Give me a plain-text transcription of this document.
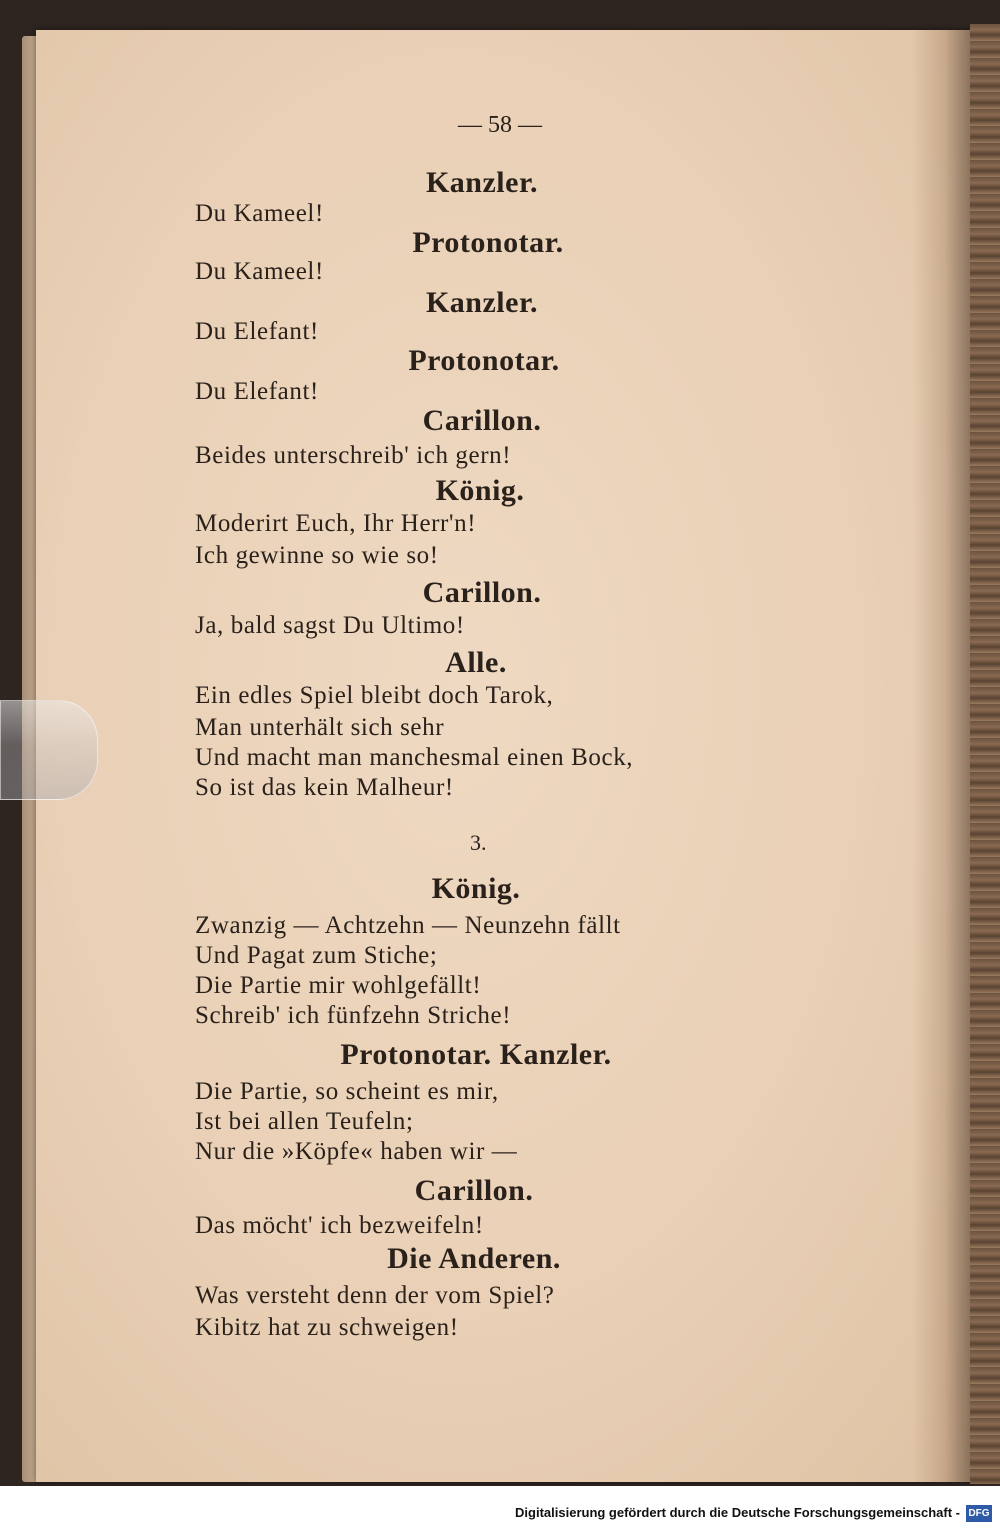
— 58 —
Kanzler.
Du Kameel!
Protonotar.
Du Kameel!
Kanzler.
Du Elefant!
Protonotar.
Du Elefant!
Carillon.
Beides unterschreib' ich gern!
König.
Moderirt Euch, Ihr Herr'n!
Ich gewinne so wie so!
Carillon.
Ja, bald sagst Du Ultimo!
Alle.
Ein edles Spiel bleibt doch Tarok,
Man unterhält sich sehr
Und macht man manchesmal einen Bock,
So ist das kein Malheur!
3.
König.
Zwanzig — Achtzehn — Neunzehn fällt
Und Pagat zum Stiche;
Die Partie mir wohlgefällt!
Schreib' ich fünfzehn Striche!
Protonotar. Kanzler.
Die Partie, so scheint es mir,
Ist bei allen Teufeln;
Nur die »Köpfe« haben wir —
Carillon.
Das möcht' ich bezweifeln!
Die Anderen.
Was versteht denn der vom Spiel?
Kibitz hat zu schweigen!
Digitalisierung gefördert durch die Deutsche Forschungsgemeinschaft - DFG
